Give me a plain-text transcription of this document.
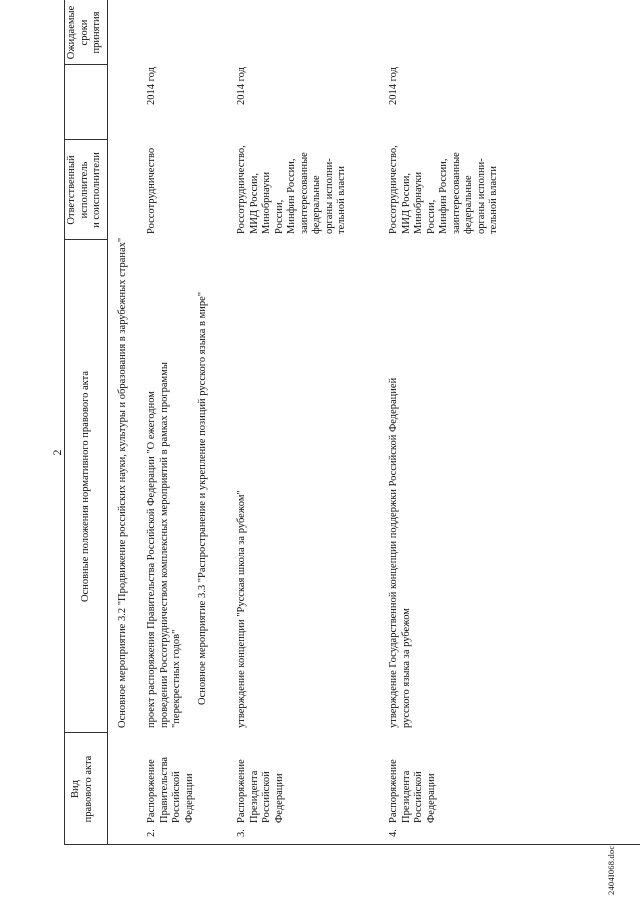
2
Вид
правового акта
Основные положения нормативного правового акта
Ответственный
исполнитель
и соисполнители
Ожидаемые
сроки
принятия
Основное мероприятие 3.2 "Продвижение российских науки, культуры и образования в зарубежных странах"
2.
Распоряжение
Правительства
Российской
Федерации
проект распоряжения Правительства Российской Федерации "О ежегодном
проведении Россотрудничеством комплексных мероприятий в рамках программы
"перекрестных годов"
Россотрудничество
2014 год
Основное мероприятие 3.3 "Распространение и укрепление позиций русского языка в мире"
3.
Распоряжение
Президента
Российской
Федерации
утверждение концепции "Русская школа за рубежом"
Россотрудничество,
МИД России,
Минобрнауки
России,
Минфин России,
заинтересованные
федеральные
органы исполни-
тельной власти
2014 год
4.
Распоряжение
Президента
Российской
Федерации
утверждение Государственной концепции поддержки Российской Федерацией
русского языка за рубежом
Россотрудничество,
МИД России,
Минобрнауки
России,
Минфин России,
заинтересованные
федеральные
органы исполни-
тельной власти
2014 год
2404I068.doc
